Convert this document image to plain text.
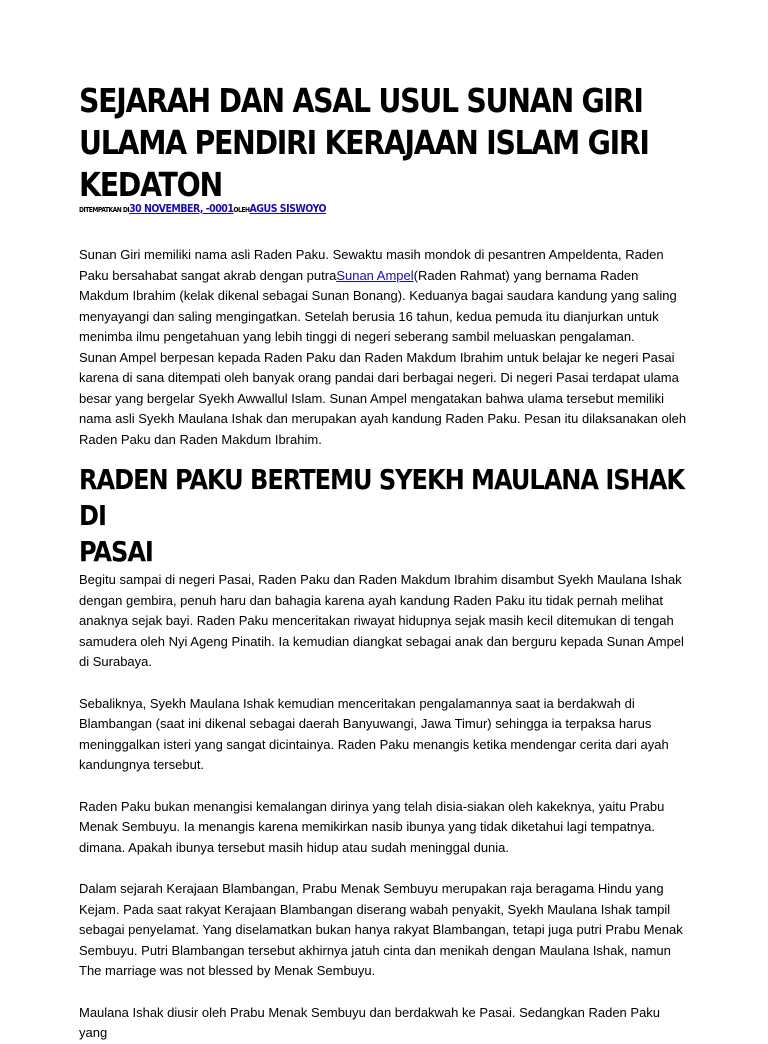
SEJARAH DAN ASAL USUL SUNAN GIRI
ULAMA PENDIRI KERAJAAN ISLAM GIRI
KEDATON
DITEMPATKAN DI30 NOVEMBER, -0001OLEHAGUS SISWOYO

Sunan Giri memiliki nama asli Raden Paku. Sewaktu masih mondok di pesantren Ampeldenta, Raden Paku bersahabat sangat akrab dengan putraSunan Ampel(Raden Rahmat) yang bernama Raden Makdum Ibrahim (kelak dikenal sebagai Sunan Bonang). Keduanya bagai saudara kandung yang saling menyayangi dan saling mengingatkan. Setelah berusia 16 tahun, kedua pemuda itu dianjurkan untuk menimba ilmu pengetahuan yang lebih tinggi di negeri seberang sambil meluaskan pengalaman.

Sunan Ampel berpesan kepada Raden Paku dan Raden Makdum Ibrahim untuk belajar ke negeri Pasai karena di sana ditempati oleh banyak orang pandai dari berbagai negeri. Di negeri Pasai terdapat ulama besar yang bergelar Syekh Awwallul Islam. Sunan Ampel mengatakan bahwa ulama tersebut memiliki nama asli Syekh Maulana Ishak dan merupakan ayah kandung Raden Paku. Pesan itu dilaksanakan oleh Raden Paku dan Raden Makdum Ibrahim.

RADEN PAKU BERTEMU SYEKH MAULANA ISHAK DI
PASAI

Begitu sampai di negeri Pasai, Raden Paku dan Raden Makdum Ibrahim disambut Syekh Maulana Ishak dengan gembira, penuh haru dan bahagia karena ayah kandung Raden Paku itu tidak pernah melihat anaknya sejak bayi. Raden Paku menceritakan riwayat hidupnya sejak masih kecil ditemukan di tengah samudera oleh Nyi Ageng Pinatih. Ia kemudian diangkat sebagai anak dan berguru kepada Sunan Ampel di Surabaya.

Sebaliknya, Syekh Maulana Ishak kemudian menceritakan pengalamannya saat ia berdakwah di Blambangan (saat ini dikenal sebagai daerah Banyuwangi, Jawa Timur) sehingga ia terpaksa harus meninggalkan isteri yang sangat dicintainya. Raden Paku menangis ketika mendengar cerita dari ayah kandungnya tersebut.

Raden Paku bukan menangisi kemalangan dirinya yang telah disia-siakan oleh kakeknya, yaitu Prabu Menak Sembuyu. Ia menangis karena memikirkan nasib ibunya yang tidak diketahui lagi tempatnya. dimana. Apakah ibunya tersebut masih hidup atau sudah meninggal dunia.

Dalam sejarah Kerajaan Blambangan, Prabu Menak Sembuyu merupakan raja beragama Hindu yang Kejam. Pada saat rakyat Kerajaan Blambangan diserang wabah penyakit, Syekh Maulana Ishak tampil sebagai penyelamat. Yang diselamatkan bukan hanya rakyat Blambangan, tetapi juga putri Prabu Menak Sembuyu. Putri Blambangan tersebut akhirnya jatuh cinta dan menikah dengan Maulana Ishak, namun The marriage was not blessed by Menak Sembuyu.

Maulana Ishak diusir oleh Prabu Menak Sembuyu dan berdakwah ke Pasai. Sedangkan Raden Paku yang
